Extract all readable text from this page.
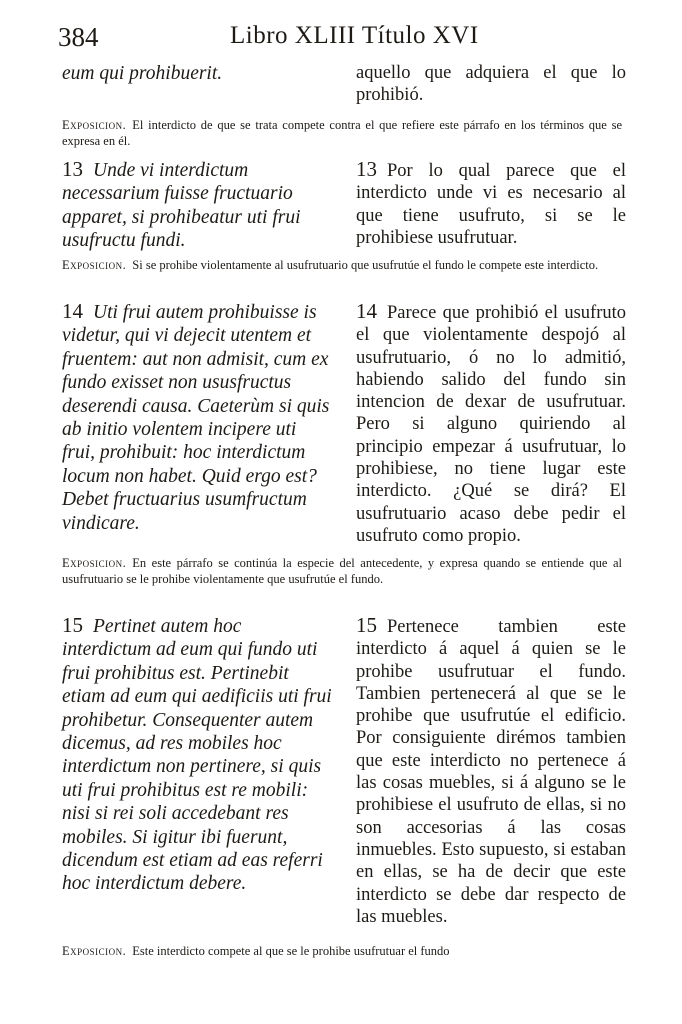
384	Libro XLIII Título XVI

eum qui prohibuerit.	aquello que adquiera el que lo prohibió.

Exposicion. El interdicto de que se trata compete contra el que refiere este párrafo en los términos que se expresa en él.

13 Unde vi interdictum necessarium fuisse fructuario apparet, si prohibeatur uti frui usufructu fundi.

13 Por lo qual parece que el interdicto unde vi es necesario al que tiene usufruto, si se le prohibiese usufrutuar.

Exposicion. Si se prohibe violentamente al usufrutuario que usufrutúe el fundo le compete este interdicto.

14 Uti frui autem prohibuisse is videtur, qui vi dejecit utentem et fruentem: aut non admisit, cum ex fundo exisset non ususfructus deserendi causa. Caeterùm si quis ab initio volentem incipere uti frui, prohibuit: hoc interdictum locum non habet. Quid ergo est? Debet fructuarius usumfructum vindicare.

14 Parece que prohibió el usufruto el que violentamente despojó al usufrutuario, ó no lo admitió, habiendo salido del fundo sin intencion de dexar de usufrutuar. Pero si alguno quiriendo al principio empezar á usufrutuar, lo prohibiese, no tiene lugar este interdicto. ¿Qué se dirá? El usufrutuario acaso debe pedir el usufruto como propio.

Exposicion. En este párrafo se continúa la especie del antecedente, y expresa quando se entiende que al usufrutuario se le prohibe violentamente que usufrutúe el fundo.

15 Pertinet autem hoc interdictum ad eum qui fundo uti frui prohibitus est. Pertinebit etiam ad eum qui aedificiis uti frui prohibetur. Consequenter autem dicemus, ad res mobiles hoc interdictum non pertinere, si quis uti frui prohibitus est re mobili: nisi si rei soli accedebant res mobiles. Si igitur ibi fuerunt, dicendum est etiam ad eas referri hoc interdictum debere.

15 Pertenece tambien este interdicto á aquel á quien se le prohibe usufrutuar el fundo. Tambien pertenecerá al que se le prohibe que usufrutúe el edificio. Por consiguiente dirémos tambien que este interdicto no pertenece á las cosas muebles, si á alguno se le prohibiese el usufruto de ellas, si no son accesorias á las cosas inmuebles. Esto supuesto, si estaban en ellas, se ha de decir que este interdicto se debe dar respecto de las muebles.

Exposicion. Este interdicto compete al que se le prohibe usufrutuar el fundo
